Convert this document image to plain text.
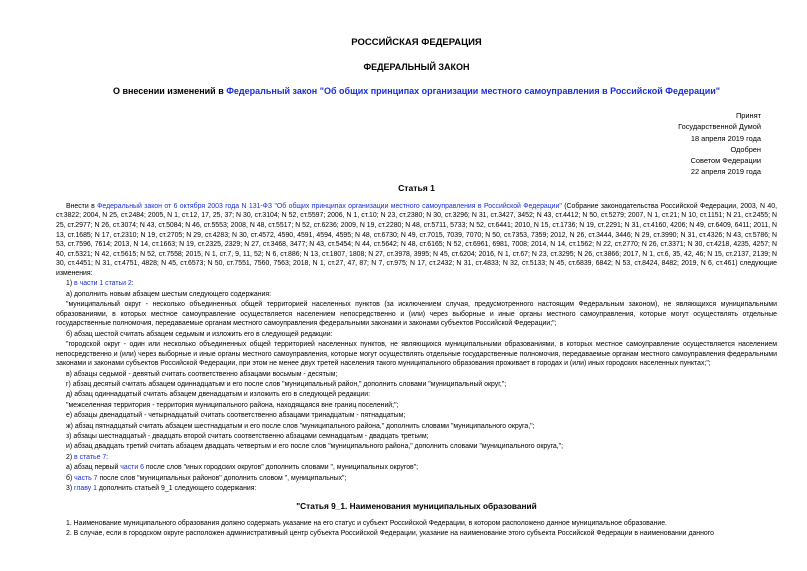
РОССИЙСКАЯ ФЕДЕРАЦИЯ
ФЕДЕРАЛЬНЫЙ ЗАКОН
О внесении изменений в Федеральный закон "Об общих принципах организации местного самоуправления в Российской Федерации"
Принят
Государственной Думой
18 апреля 2019 года
Одобрен
Советом Федерации
22 апреля 2019 года
Статья 1

Внести в Федеральный закон от 6 октября 2003 года N 131-ФЗ "Об общих принципах организации местного самоуправления в Российской Федерации" (Собрание законодательства Российской Федерации, 2003, N 40, ст.3822; 2004, N 25, ст.2484; 2005, N 1, ст.12, 17, 25, 37; N 30, ст.3104; N 52, ст.5597; 2006, N 1, ст.10; N 23, ст.2380; N 30, ст.3296; N 31, ст.3427, 3452; N 43, ст.4412; N 50, ст.5279; 2007, N 1, ст.21; N 10, ст.1151; N 21, ст.2455; N 25, ст.2977; N 26, ст.3074; N 43, ст.5084; N 46, ст.5553; 2008, N 48, ст.5517; N 52, ст.6236; 2009, N 19, ст.2280; N 48, ст.5711, 5733; N 52, ст.6441; 2010, N 15, ст.1736; N 19, ст.2291; N 31, ст.4160, 4206; N 49, ст.6409, 6411; 2011, N 13, ст.1685; N 17, ст.2310; N 19, ст.2705; N 29, ст.4283; N 30, ст.4572, 4590, 4591, 4594, 4595; N 48, ст.6730; N 49, ст.7015, 7039, 7070; N 50, ст.7353, 7359; 2012, N 26, ст.3444, 3446; N 29, ст.3990; N 31, ст.4326; N 43, ст.5786; N 53, ст.7596, 7614; 2013, N 14, ст.1663; N 19, ст.2325, 2329; N 27, ст.3468, 3477; N 43, ст.5454; N 44, ст.5642; N 48, ст.6165; N 52, ст.6961, 6981, 7008; 2014, N 14, ст.1562; N 22, ст.2770; N 26, ст.3371; N 30, ст.4218, 4235, 4257; N 40, ст.5321; N 42, ст.5615; N 52, ст.7558; 2015, N 1, ст.7, 9, 11, 52; N 6, ст.886; N 13, ст.1807, 1808; N 27, ст.3978, 3995; N 45, ст.6204; 2016, N 1, ст.67; N 23, ст.3295; N 26, ст.3866; 2017, N 1, ст.6, 35, 42, 46; N 15, ст.2137, 2139; N 30, ст.4451; N 31, ст.4751, 4828; N 45, ст.6573; N 50, ст.7551, 7560, 7563; 2018, N 1, ст.27, 47, 87; N 7, ст.975; N 17, ст.2432; N 31, ст.4833; N 32, ст.5133; N 45, ст.6839, 6842; N 53, ст.8424, 8482; 2019, N 6, ст.461) следующие изменения:

1) в части 1 статьи 2:

а) дополнить новым абзацем шестым следующего содержания:

"муниципальный округ - несколько объединенных общей территорией населенных пунктов (за исключением случая, предусмотренного настоящим Федеральным законом), не являющихся муниципальными образованиями, в которых местное самоуправление осуществляется населением непосредственно и (или) через выборные и иные органы местного самоуправления, которые могут осуществлять отдельные государственные полномочия, передаваемые органам местного самоуправления федеральными законами и законами субъектов Российской Федерации;";

б) абзац шестой считать абзацем седьмым и изложить его в следующей редакции:

"городской округ - один или несколько объединенных общей территорией населенных пунктов, не являющихся муниципальными образованиями, в которых местное самоуправление осуществляется населением непосредственно и (или) через выборные и иные органы местного самоуправления, которые могут осуществлять отдельные государственные полномочия, передаваемые органам местного самоуправления федеральными законами и законами субъектов Российской Федерации, при этом не менее двух третей населения такого муниципального образования проживает в городах и (или) иных городских населенных пунктах;";

в) абзацы седьмой - девятый считать соответственно абзацами восьмым - десятым;

г) абзац десятый считать абзацем одиннадцатым и его после слов "муниципальный район," дополнить словами "муниципальный округ,";

д) абзац одиннадцатый считать абзацем двенадцатым и изложить его в следующей редакции:

"межселенная территория - территория муниципального района, находящаяся вне границ поселений;";

е) абзацы двенадцатый - четырнадцатый считать соответственно абзацами тринадцатым - пятнадцатым;

ж) абзац пятнадцатый считать абзацем шестнадцатым и его после слов "муниципального района," дополнить словами "муниципального округа,";

з) абзацы шестнадцатый - двадцать второй считать соответственно абзацами семнадцатым - двадцать третьим;

и) абзац двадцать третий считать абзацем двадцать четвертым и его после слов "муниципального района," дополнить словами "муниципального округа,";

2) в статье 7:

а) абзац первый части 6 после слов "иных городских округов" дополнить словами ", муниципальных округов";

б) часть 7 после слов "муниципальных районов" дополнить словом ", муниципальных";

3) главу 1 дополнить статьей 9_1 следующего содержания:

"Статья 9_1. Наименования муниципальных образований

1. Наименование муниципального образования должно содержать указание на его статус и субъект Российской Федерации, в котором расположено данное муниципальное образование.

2. В случае, если в городском округе расположен административный центр субъекта Российской Федерации, указание на наименование этого субъекта Российской Федерации в наименовании данного
